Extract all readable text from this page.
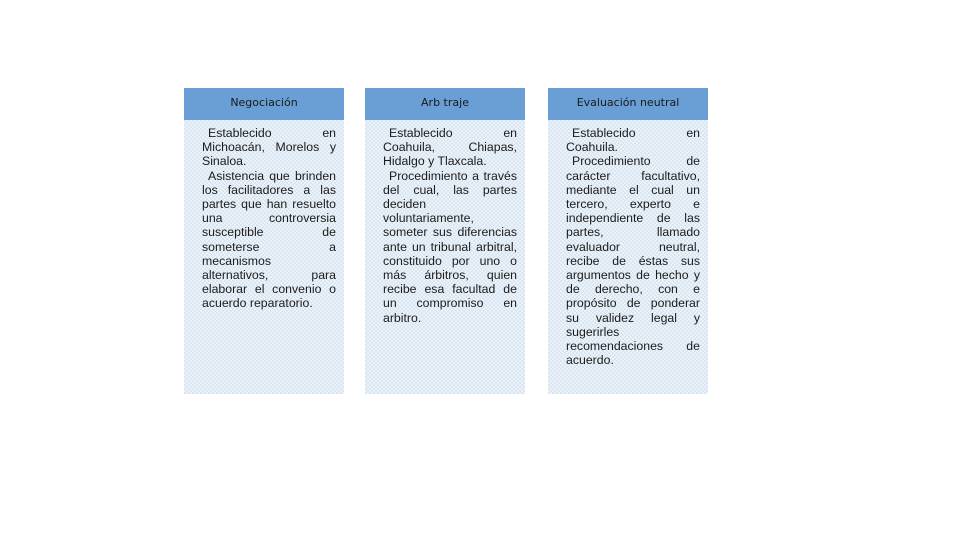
Negociación

Establecido en Michoacán, Morelos y Sinaloa.

Asistencia que brinden los facilitadores a las partes que han resuelto una controversia susceptible de someterse a mecanismos alternativos, para elaborar el convenio o acuerdo reparatorio.

Arb traje

Establecido en Coahuila, Chiapas, Hidalgo y Tlaxcala.

Procedimiento a través del cual, las partes deciden voluntariamente, someter sus diferencias ante un tribunal arbitral, constituido por uno o más árbitros, quien recibe esa facultad de un compromiso en arbitro.

Evaluación neutral

Establecido en Coahuila.

Procedimiento de carácter facultativo, mediante el cual un tercero, experto e independiente de las partes, llamado evaluador neutral, recibe de éstas sus argumentos de hecho y de derecho, con e propósito de ponderar su validez legal y sugerirles recomendaciones de acuerdo.
